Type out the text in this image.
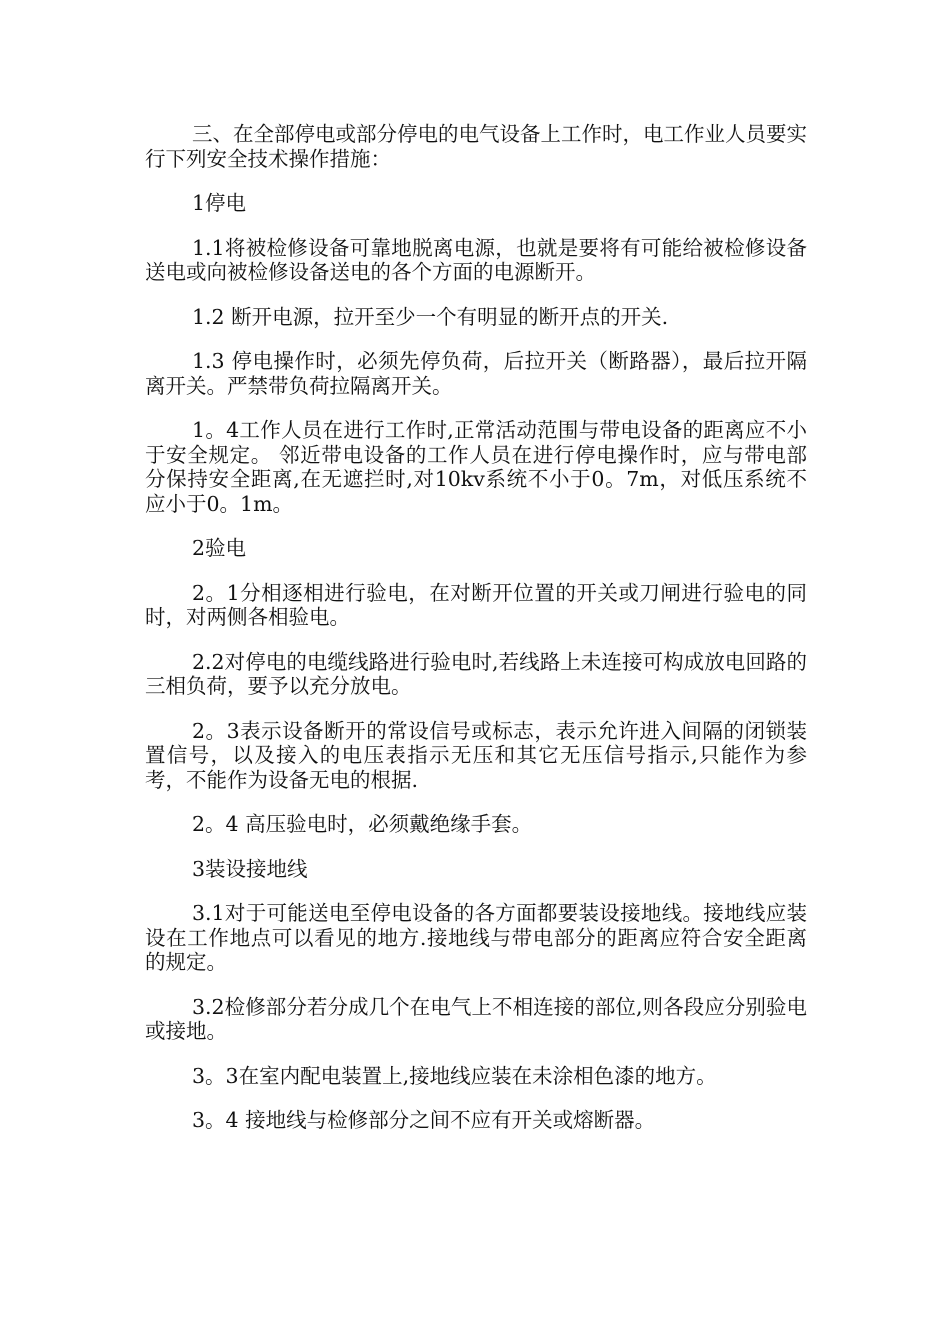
三、在全部停电或部分停电的电气设备上工作时，电工作业人员要实行下列安全技术操作措施：

1停电

1.1将被检修设备可靠地脱离电源，也就是要将有可能给被检修设备送电或向被检修设备送电的各个方面的电源断开。

1.2 断开电源，拉开至少一个有明显的断开点的开关.

1.3 停电操作时，必须先停负荷，后拉开关（断路器），最后拉开隔离开关。严禁带负荷拉隔离开关。

1。4工作人员在进行工作时,正常活动范围与带电设备的距离应不小于安全规定。 邻近带电设备的工作人员在进行停电操作时，应与带电部分保持安全距离,在无遮拦时,对10kv系统不小于0。7m，对低压系统不应小于0。1m。

2验电

2。1分相逐相进行验电，在对断开位置的开关或刀闸进行验电的同时，对两侧各相验电。

2.2对停电的电缆线路进行验电时,若线路上未连接可构成放电回路的三相负荷，要予以充分放电。

2。3表示设备断开的常设信号或标志，表示允许进入间隔的闭锁装置信号，以及接入的电压表指示无压和其它无压信号指示,只能作为参考，不能作为设备无电的根据.

2。4 高压验电时，必须戴绝缘手套。

3装设接地线

3.1对于可能送电至停电设备的各方面都要装设接地线。接地线应装设在工作地点可以看见的地方.接地线与带电部分的距离应符合安全距离的规定。

3.2检修部分若分成几个在电气上不相连接的部位,则各段应分别验电或接地。

3。3在室内配电装置上,接地线应装在未涂相色漆的地方。

3。4 接地线与检修部分之间不应有开关或熔断器。
